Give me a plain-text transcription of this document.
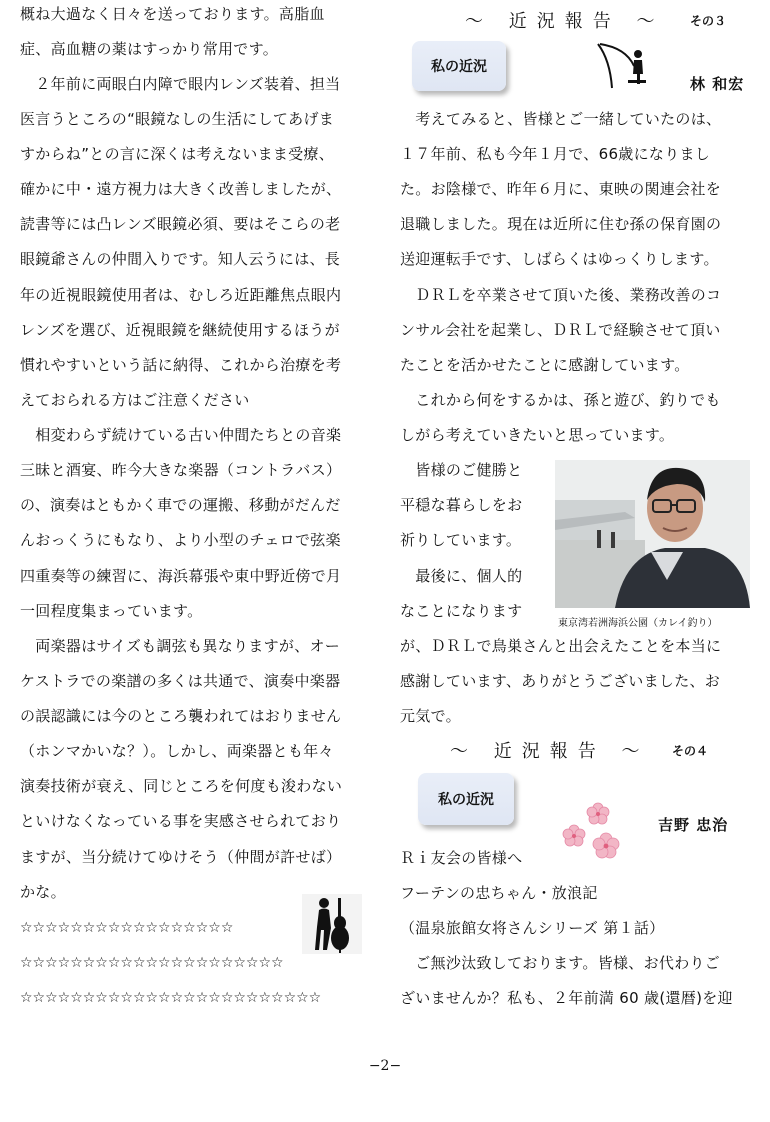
概ね大過なく日々を送っております。高脂血
症、高血糖の薬はすっかり常用です。
　２年前に両眼白内障で眼内レンズ装着、担当
医言うところの“眼鏡なしの生活にしてあげま
すからね”との言に深くは考えないまま受療、
確かに中・遠方視力は大きく改善しましたが、
読書等には凸レンズ眼鏡必須、要はそこらの老
眼鏡爺さんの仲間入りです。知人云うには、長
年の近視眼鏡使用者は、むしろ近距離焦点眼内
レンズを選び、近視眼鏡を継続使用するほうが
慣れやすいという話に納得、これから治療を考
えておられる方はご注意ください
　相変わらず続けている古い仲間たちとの音楽
三昧と酒宴、昨今大きな楽器（コントラバス）
の、演奏はともかく車での運搬、移動がだんだ
んおっくうにもなり、より小型のチェロで弦楽
四重奏等の練習に、海浜幕張や東中野近傍で月
一回程度集まっています。
　両楽器はサイズも調弦も異なりますが、オー
ケストラでの楽譜の多くは共通で、演奏中楽器
の誤認識には今のところ襲われてはおりません
（ホンマかいな？）。しかし、両楽器とも年々
演奏技術が衰え、同じところを何度も浚わない
といけなくなっている事を実感させられており
ますが、当分続けてゆけそう（仲間が許せば）
かな。
☆☆☆☆☆☆☆☆☆☆☆☆☆☆☆☆☆
☆☆☆☆☆☆☆☆☆☆☆☆☆☆☆☆☆☆☆☆☆
☆☆☆☆☆☆☆☆☆☆☆☆☆☆☆☆☆☆☆☆☆☆☆☆
～ 近況報告 ～ その３
私の近況
林 和宏
　考えてみると、皆様とご一緒していたのは、
１７年前、私も今年１月で、66歳になりまし
た。お陰様で、昨年６月に、東映の関連会社を
退職しました。現在は近所に住む孫の保育園の
送迎運転手です、しばらくはゆっくりします。
　ＤＲＬを卒業させて頂いた後、業務改善のコ
ンサル会社を起業し、ＤＲＬで経験させて頂い
たことを活かせたことに感謝しています。
　これから何をするかは、孫と遊び、釣りでも
しがら考えていきたいと思っています。
　皆様のご健勝と
平穏な暮らしをお
祈りしています。
　最後に、個人的
なことになります
東京湾若洲海浜公園（カレイ釣り）
が、ＤＲＬで鳥巣さんと出会えたことを本当に
感謝しています、ありがとうございました、お
元気で。
～ 近況報告 ～ その４
私の近況
吉野 忠治
Ｒｉ友会の皆様へ
フーテンの忠ちゃん・放浪記
（温泉旅館女将さんシリーズ 第１話）
　ご無沙汰致しております。皆様、お代わりご
ざいませんか？私も、２年前満 60 歳(還暦)を迎
−2−
